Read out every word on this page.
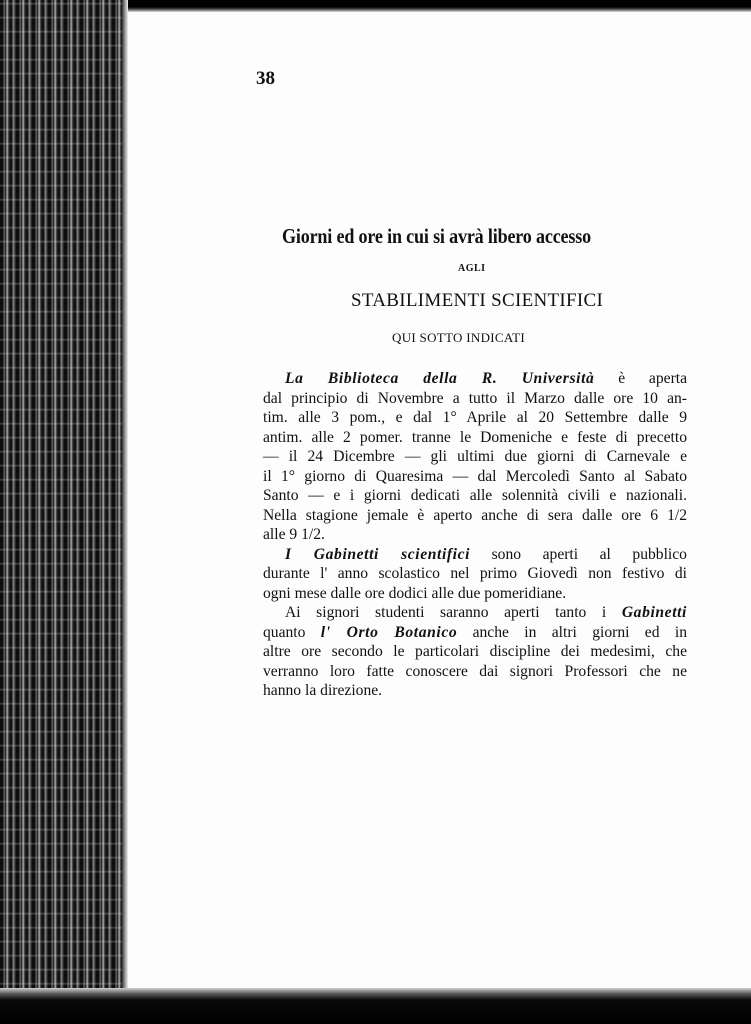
38
Giorni ed ore in cui si avrà libero accesso
AGLI
STABILIMENTI SCIENTIFICI
QUI SOTTO INDICATI
La Biblioteca della R. Università è aperta
dal principio di Novembre a tutto il Marzo dalle ore 10 an-
tim. alle 3 pom., e dal 1° Aprile al 20 Settembre dalle 9
antim. alle 2 pomer. tranne le Domeniche e feste di precetto
— il 24 Dicembre — gli ultimi due giorni di Carnevale e
il 1° giorno di Quaresima — dal Mercoledì Santo al Sabato
Santo — e i giorni dedicati alle solennità civili e nazionali.
Nella stagione jemale è aperto anche di sera dalle ore 6 1/2
alle 9 1/2.
I Gabinetti scientifici sono aperti al pubblico
durante l' anno scolastico nel primo Giovedì non festivo di
ogni mese dalle ore dodici alle due pomeridiane.
Ai signori studenti saranno aperti tanto i Gabinetti
quanto l' Orto Botanico anche in altri giorni ed in
altre ore secondo le particolari discipline dei medesimi, che
verranno loro fatte conoscere dai signori Professori che ne
hanno la direzione.
